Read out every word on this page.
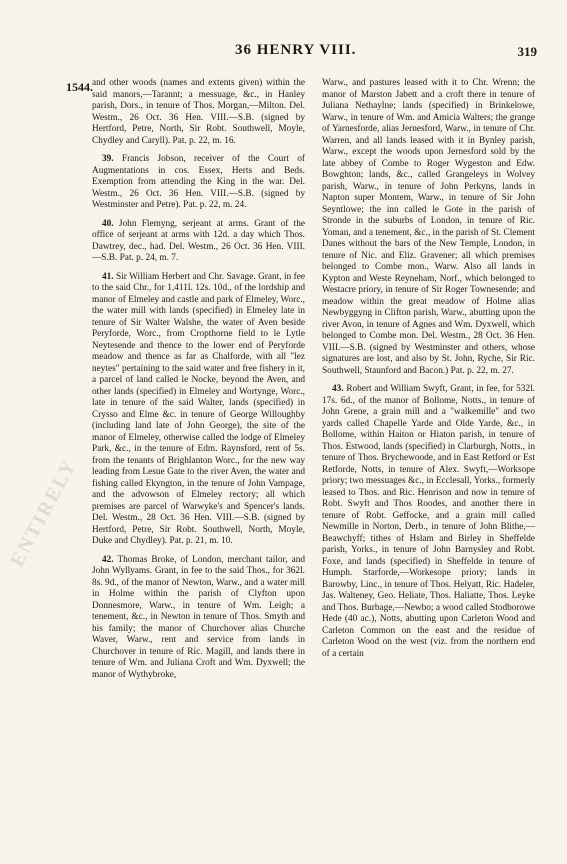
36 HENRY VIII.	319
1544.
ENTIRELY

and other woods (names and extents given) within the said manors,—Tarannt; a messuage, &c., in Hanley parish, Dors., in tenure of Thos. Morgan,—Milton. Del. Westm., 26 Oct. 36 Hen. VIII.—S.B. (signed by Hertford, Petre, North, Sir Robt. Southwell, Moyle, Chydley and Caryll). Pat. p. 22, m. 16.

39. Francis Jobson, receiver of the Court of Augmentations in cos. Essex, Herts and Beds. Exemption from attending the King in the war. Del. Westm., 26 Oct. 36 Hen. VIII.—S.B. (signed by Westminster and Petre). Pat. p. 22, m. 24.

40. John Flemyng, serjeant at arms. Grant of the office of serjeant at arms with 12d. a day which Thos. Dawtrey, dec., had. Del. Westm., 26 Oct. 36 Hen. VIII.—S.B. Pat. p. 24, m. 7.

41. Sir William Herbert and Chr. Savage. Grant, in fee to the said Chr., for 1,411l. 12s. 10d., of the lordship and manor of Elmeley and castle and park of Elmeley, Worc., the water mill with lands (specified) in Elmeley late in tenure of Sir Walter Walshe, the water of Aven beside Peryforde, Worc., from Cropthorne field to le Lytle Neytesende and thence to the lower end of Peryforde meadow and thence as far as Chalforde, with all "lez neytes" pertaining to the said water and free fishery in it, a parcel of land called le Nocke, beyond the Aven, and other lands (specified) in Elmeley and Wortynge, Worc., late in tenure of the said Walter, lands (specified) in Crysso and Elme &c. in tenure of George Willoughby (including land late of John George), the site of the manor of Elmeley, otherwise called the lodge of Elmeley Park, &c., in the tenure of Edm. Raynsford, rent of 5s. from the tenants of Brighlanton Worc., for the new way leading from Lesue Gate to the river Aven, the water and fishing called Ekyngton, in the tenure of John Vampage, and the advowson of Elmeley rectory; all which premises are parcel of Warwyke's and Spencer's lands. Del. Westm., 28 Oct. 36 Hen. VIII.—S.B. (signed by Hertford, Petre, Sir Robt. Southwell, North, Moyle, Duke and Chydley). Pat. p. 21, m. 10.

42. Thomas Broke, of London, merchant tailor, and John Wyllyams. Grant, in fee to the said Thos., for 362l. 8s. 9d., of the manor of Newton, Warw., and a water mill in Holme within the parish of Clyfton upon Donnesmore, Warw., in tenure of Wm. Leigh; a tenement, &c., in Newton in tenure of Thos. Smyth and his family; the manor of Churchover alias Churche Waver, Warw., rent and service from lands in Churchover in tenure of Ric. Magill, and lands there in tenure of Wm. and Juliana Croft and Wm. Dyxwell; the manor of Wythybroke,

Warw., and pastures leased with it to Chr. Wrenn; the manor of Marston Jabett and a croft there in tenure of Juliana Nethaylne; lands (specified) in Brinkelowe, Warw., in tenure of Wm. and Amicia Walters; the grange of Yarnesforde, alias Jernesford, Warw., in tenure of Chr. Warren, and all lands leased with it in Bynley parish, Warw., except the woods upon Jernesford sold by the late abbey of Combe to Roger Wygeston and Edw. Bowghton; lands, &c., called Grangeleys in Wolvey parish, Warw., in tenure of John Perkyns, lands in Napton super Montem, Warw., in tenure of Sir John Seyntlowe; the inn called le Gote in the parish of Stronde in the suburbs of London, in tenure of Ric. Yoman, and a tenement, &c., in the parish of St. Clement Danes without the bars of the New Temple, London, in tenure of Nic. and Eliz. Gravener; all which premises belonged to Combe mon., Warw. Also all lands in Kypton and Weste Reyneham, Norf., which belonged to Westacre priory, in tenure of Sir Roger Townesende; and meadow within the great meadow of Holme alias Newbyggyng in Clifton parish, Warw., abutting upon the river Avon, in tenure of Agnes and Wm. Dyxwell, which belonged to Combe mon. Del. Westm., 28 Oct. 36 Hen. VIII.—S.B. (signed by Westminster and others, whose signatures are lost, and also by St. John, Ryche, Sir Ric. Southwell, Staunford and Bacon.) Pat. p. 22, m. 27.

43. Robert and William Swyft, Grant, in fee, for 532l. 17s. 6d., of the manor of Bollome, Notts., in tenure of John Grene, a grain mill and a "walkemille" and two yards called Chapelle Yarde and Olde Yarde, &c., in Bollome, within Haiton or Hiaton parish, in tenure of Thos. Estwood, lands (specified) in Clarburgh, Notts., in tenure of Thos. Brychewoode, and in East Retford or Est Retforde, Notts, in tenure of Alex. Swyft,—Worksope priory; two messuages &c., in Ecclesall, Yorks., formerly leased to Thos. and Ric. Henrison and now in tenure of Robt. Swyft and Thos Roodes, and another there in tenure of Robt. Geffocke, and a grain mill called Newmille in Norton, Derb., in tenure of John Blithe,—Beawchyff; tithes of Hslam and Birley in Sheffelde parish, Yorks., in tenure of John Barnysley and Robt. Foxe, and lands (specified) in Sheffelde in tenure of Humph. Starforde,—Workesope priory; lands in Barowby, Linc., in tenure of Thos. Helyatt, Ric. Hadeler, Jas. Walteney, Geo. Heliate, Thos. Haliatte, Thos. Leyke and Thos. Burbage,—Newbo; a wood called Stodborowe Hede (40 ac.), Notts, abutting upon Carleton Wood and Carleton Common on the east and the residue of Carleton Wood on the west (viz. from the northern end of a certain
